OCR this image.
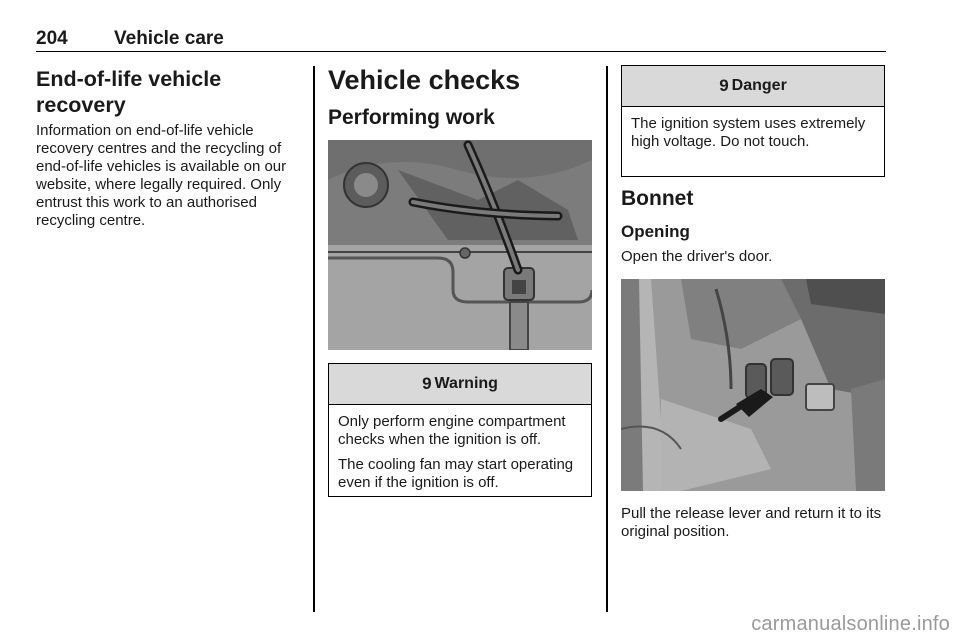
204 Vehicle care
End-of-life vehicle recovery

Information on end-of-life vehicle recovery centres and the recycling of end-of-life vehicles is available on our website, where legally required. Only entrust this work to an authorised recycling centre.

Vehicle checks
Performing work
9 Warning

Only perform engine compartment checks when the ignition is off.

The cooling fan may start operating even if the ignition is off.

9 Danger

The ignition system uses extremely high voltage. Do not touch.

Bonnet
Opening

Open the driver's door.

Pull the release lever and return it to its original position.

carmanualsonline.info
